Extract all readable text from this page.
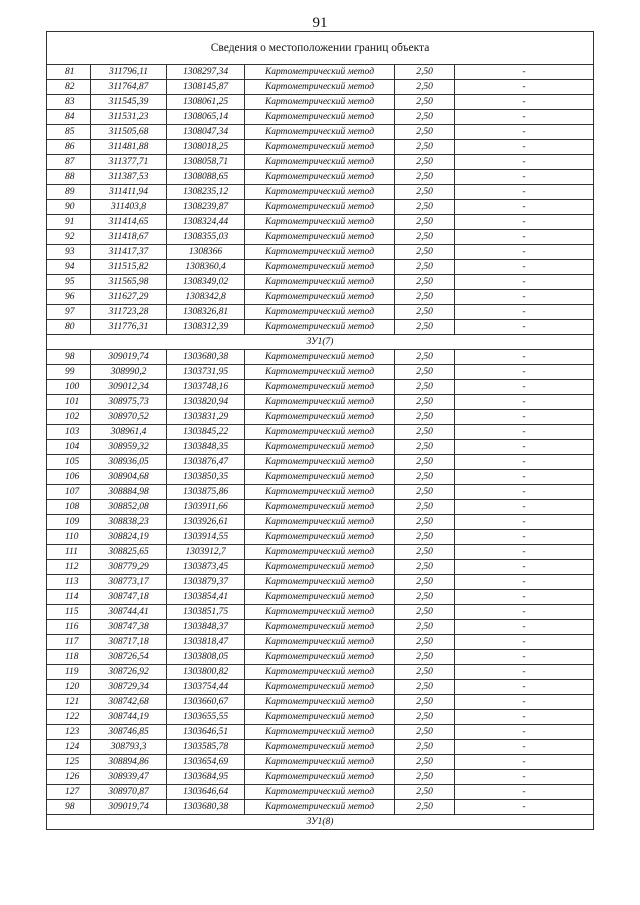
91
Сведения о местоположении границ объекта					
81	311796,11	1308297,34	Картометрический метод	2,50	-
82	311764,87	1308145,87	Картометрический метод	2,50	-
83	311545,39	1308061,25	Картометрический метод	2,50	-
84	311531,23	1308065,14	Картометрический метод	2,50	-
85	311505,68	1308047,34	Картометрический метод	2,50	-
86	311481,88	1308018,25	Картометрический метод	2,50	-
87	311377,71	1308058,71	Картометрический метод	2,50	-
88	311387,53	1308088,65	Картометрический метод	2,50	-
89	311411,94	1308235,12	Картометрический метод	2,50	-
90	311403,8	1308239,87	Картометрический метод	2,50	-
91	311414,65	1308324,44	Картометрический метод	2,50	-
92	311418,67	1308355,03	Картометрический метод	2,50	-
93	311417,37	1308366	Картометрический метод	2,50	-
94	311515,82	1308360,4	Картометрический метод	2,50	-
95	311565,98	1308349,02	Картометрический метод	2,50	-
96	311627,29	1308342,8	Картометрический метод	2,50	-
97	311723,28	1308326,81	Картометрический метод	2,50	-
80	311776,31	1308312,39	Картометрический метод	2,50	-
ЗУ1(7)					
98	309019,74	1303680,38	Картометрический метод	2,50	-
99	308990,2	1303731,95	Картометрический метод	2,50	-
100	309012,34	1303748,16	Картометрический метод	2,50	-
101	308975,73	1303820,94	Картометрический метод	2,50	-
102	308970,52	1303831,29	Картометрический метод	2,50	-
103	308961,4	1303845,22	Картометрический метод	2,50	-
104	308959,32	1303848,35	Картометрический метод	2,50	-
105	308936,05	1303876,47	Картометрический метод	2,50	-
106	308904,68	1303850,35	Картометрический метод	2,50	-
107	308884,98	1303875,86	Картометрический метод	2,50	-
108	308852,08	1303911,66	Картометрический метод	2,50	-
109	308838,23	1303926,61	Картометрический метод	2,50	-
110	308824,19	1303914,55	Картометрический метод	2,50	-
111	308825,65	1303912,7	Картометрический метод	2,50	-
112	308779,29	1303873,45	Картометрический метод	2,50	-
113	308773,17	1303879,37	Картометрический метод	2,50	-
114	308747,18	1303854,41	Картометрический метод	2,50	-
115	308744,41	1303851,75	Картометрический метод	2,50	-
116	308747,38	1303848,37	Картометрический метод	2,50	-
117	308717,18	1303818,47	Картометрический метод	2,50	-
118	308726,54	1303808,05	Картометрический метод	2,50	-
119	308726,92	1303800,82	Картометрический метод	2,50	-
120	308729,34	1303754,44	Картометрический метод	2,50	-
121	308742,68	1303660,67	Картометрический метод	2,50	-
122	308744,19	1303655,55	Картометрический метод	2,50	-
123	308746,85	1303646,51	Картометрический метод	2,50	-
124	308793,3	1303585,78	Картометрический метод	2,50	-
125	308894,86	1303654,69	Картометрический метод	2,50	-
126	308939,47	1303684,95	Картометрический метод	2,50	-
127	308970,87	1303646,64	Картометрический метод	2,50	-
98	309019,74	1303680,38	Картометрический метод	2,50	-
ЗУ1(8)					
